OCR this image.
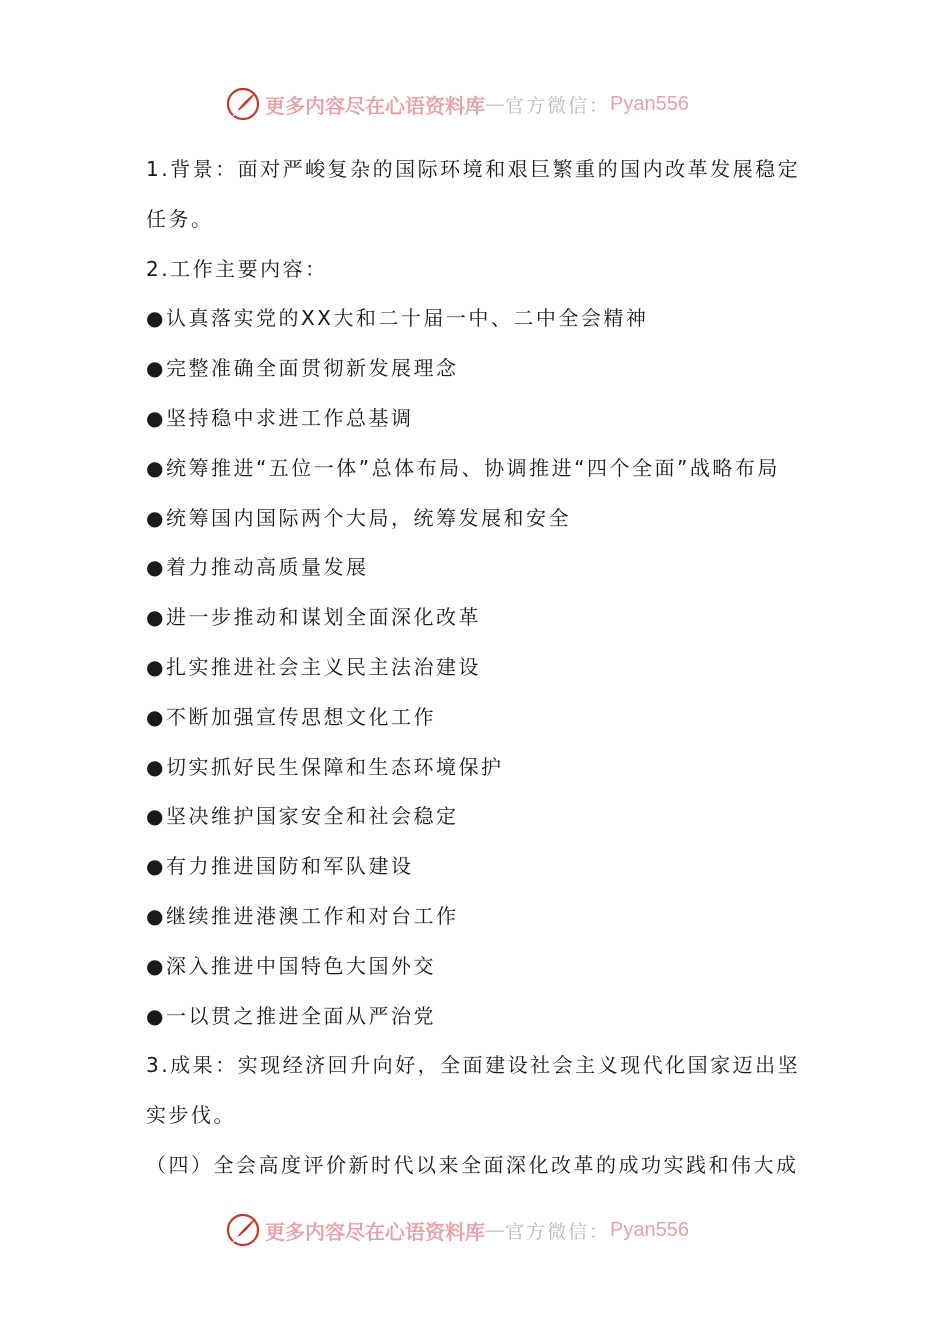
更多内容尽在心语资料库 — 官方微信： Pyan556
1.背景：面对严峻复杂的国际环境和艰巨繁重的国内改革发展稳定
任务。
2.工作主要内容：
●认真落实党的XX大和二十届一中、二中全会精神
●完整准确全面贯彻新发展理念
●坚持稳中求进工作总基调
●统筹推进“五位一体”总体布局、协调推进“四个全面”战略布局
●统筹国内国际两个大局，统筹发展和安全
●着力推动高质量发展
●进一步推动和谋划全面深化改革
●扎实推进社会主义民主法治建设
●不断加强宣传思想文化工作
●切实抓好民生保障和生态环境保护
●坚决维护国家安全和社会稳定
●有力推进国防和军队建设
●继续推进港澳工作和对台工作
●深入推进中国特色大国外交
●一以贯之推进全面从严治党
3.成果：实现经济回升向好，全面建设社会主义现代化国家迈出坚
实步伐。
（四）全会高度评价新时代以来全面深化改革的成功实践和伟大成
更多内容尽在心语资料库 — 官方微信： Pyan556
